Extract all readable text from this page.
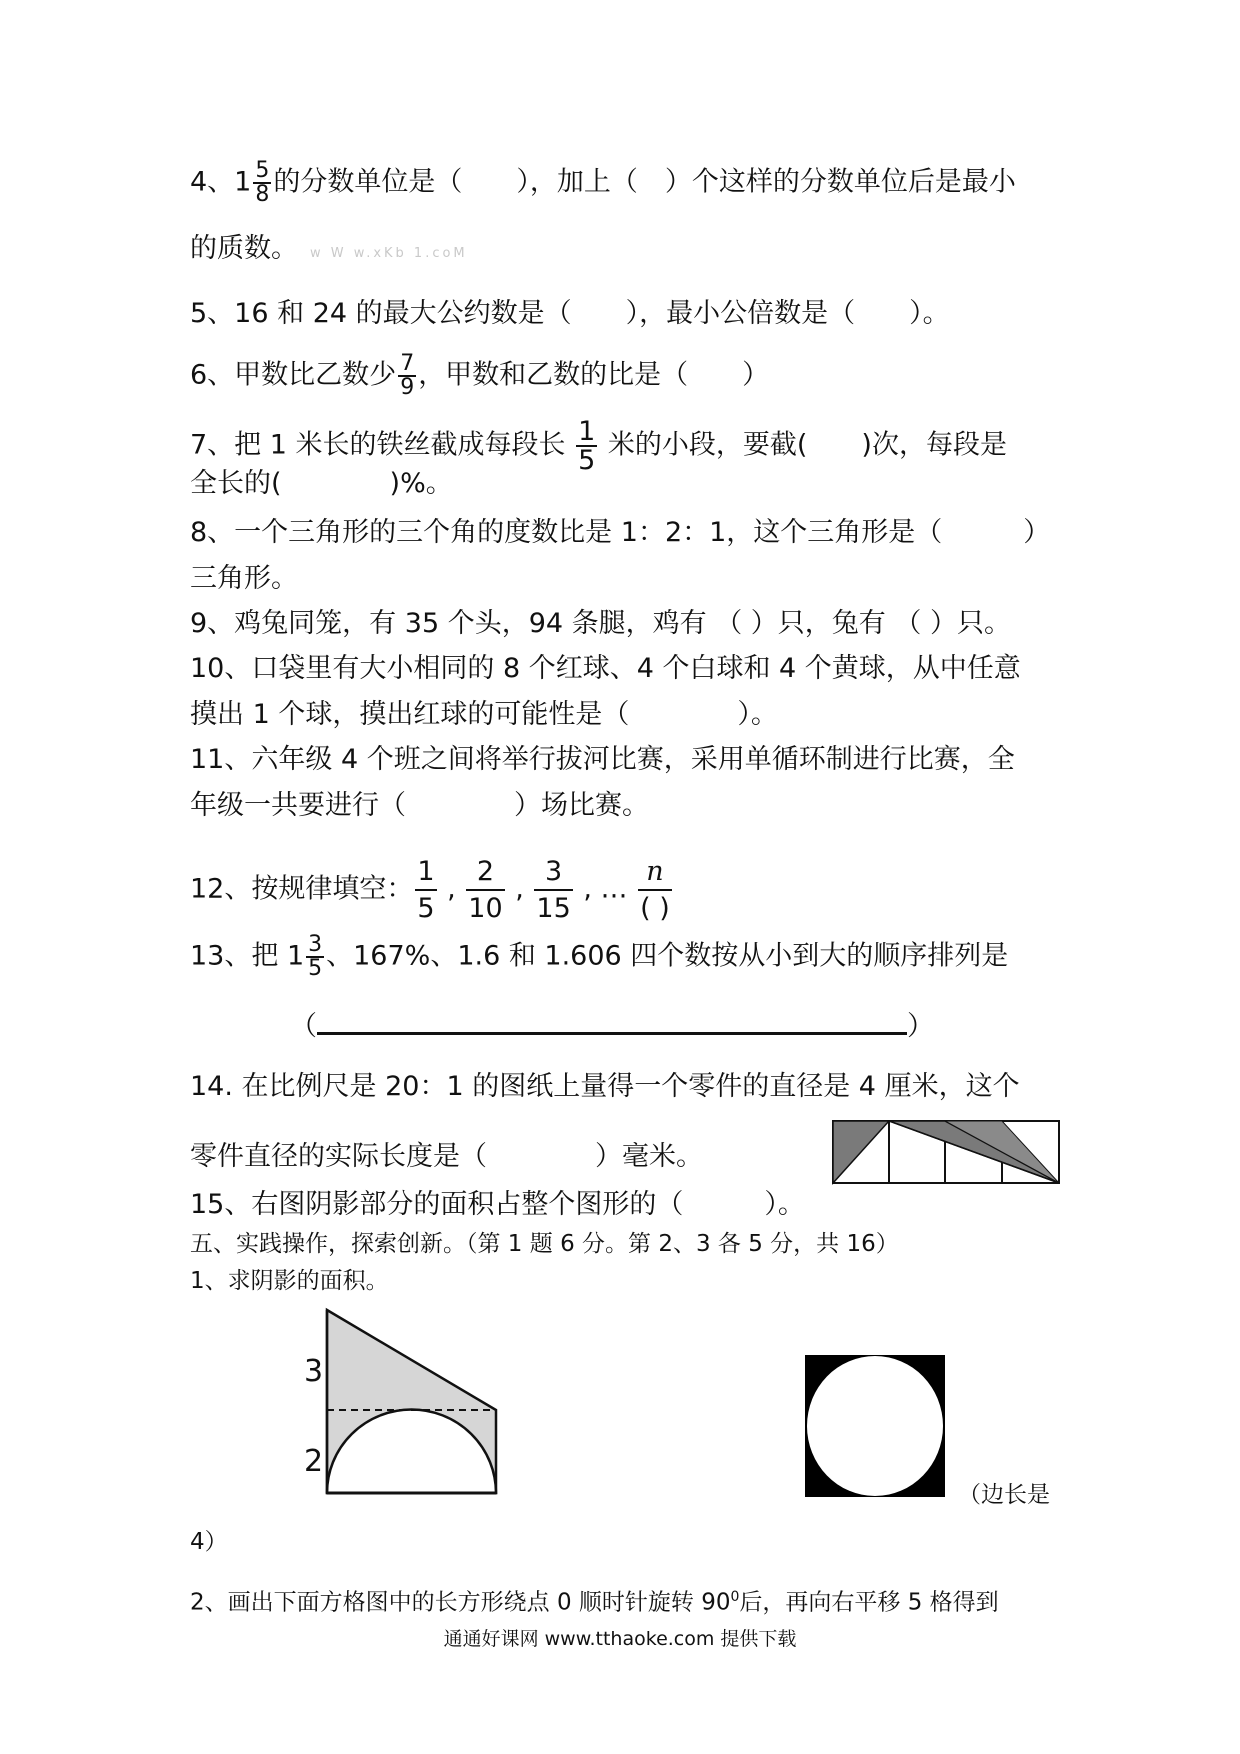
4、$1 \frac{5}{8}$ 的分数单位是（　　），加上（　）个这样的分数单位后是最小
的质数。 w W w.xKb 1.coM
5、16 和 24 的最大公约数是（　　），最小公倍数是（　　）。
6、甲数比乙数少 $\frac{7}{9}$ ，甲数和乙数的比是（　　）
7、把 1 米长的铁丝截成每段长 $\frac{1}{5}$ 米的小段，要截(　　)次，每段是
全长的(　　　　)%。
8、一个三角形的三个角的度数比是 1：2：1，这个三角形是（　　　）
三角形。
9、鸡兔同笼，有 35 个头，94 条腿，鸡有 （ ）只，兔有 （ ）只。
10、口袋里有大小相同的 8 个红球、4 个白球和 4 个黄球，从中任意
摸出 1 个球，摸出红球的可能性是（　　　　）。
11、六年级 4 个班之间将举行拔河比赛，采用单循环制进行比赛，全
年级一共要进行（　　　　）场比赛。
12、按规律填空： $\frac{1}{5}$ , $\frac{2}{10}$ , $\frac{3}{15}$ , … $\frac{n}{( )}$
13、把 $1 \frac{3}{5}$ 、167%、1.6 和 1.606 四个数按从小到大的顺序排列是
（	）
14. 在比例尺是 20：1 的图纸上量得一个零件的直径是 4 厘米，这个
零件直径的实际长度是（　　　　）毫米。
15、右图阴影部分的面积占整个图形的（　　　）。
五、实践操作，探索创新。（第 1 题 6 分。第 2、3 各 5 分，共 16）
1、求阴影的面积。
3
2
（边长是
4）
2、画出下面方格图中的长方形绕点 0 顺时针旋转 $90^0$后，再向右平移 5 格得到
通通好课网 www.tthaoke.com 提供下载
